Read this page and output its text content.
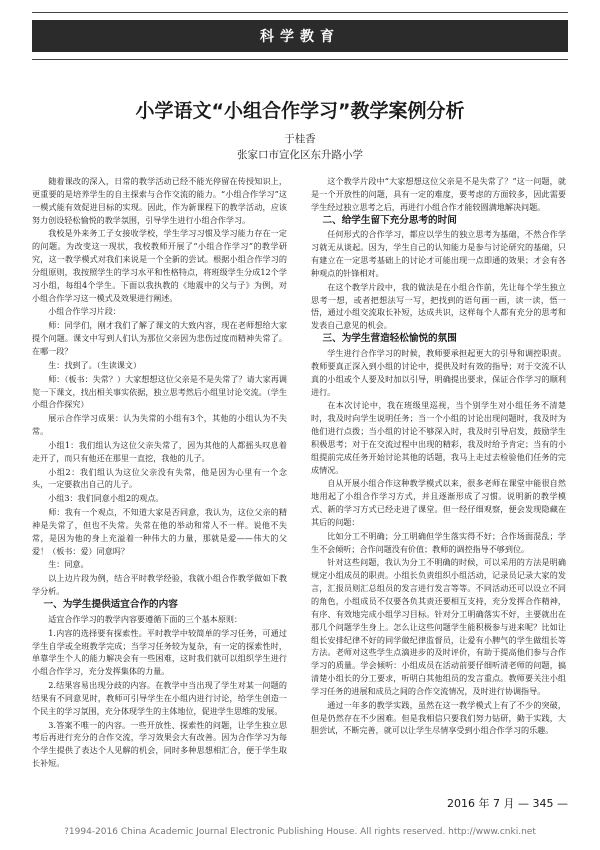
科学教育
小学语文“小组合作学习”教学案例分析
于桂香
张家口市宣化区东升路小学

随着课改的深入，日常的教学活动已经不能光停留在传授知识上，更重要的是培养学生的自主探索与合作交流的能力。“小组合作学习”这一模式能有效促进目标的实现。因此，作为新课程下的教学活动，应该努力创设轻松愉悦的教学氛围，引导学生进行小组合作学习。

我校是外来务工子女接收学校，学生学习习惯及学习能力存在一定的问题。为改变这一现状，我校教师开展了“小组合作学习”的教学研究，这一教学模式对我们来说是一个全新的尝试。根据小组合作学习的分组原则，我按照学生的学习水平和性格特点，将班级学生分成12个学习小组，每组4个学生。下面以我执教的《地震中的父与子》为例，对小组合作学习这一模式及效果进行阐述。

小组合作学习片段：

师：同学们，刚才我们了解了课文的大致内容，现在老师想给大家提个问题。课文中写到人们认为那位父亲因为悲伤过度而精神失常了。在哪一段？

生：找到了。（生读课文）

师：（板书：失常？）大家想想这位父亲是不是失常了？请大家再调览一下课文，找出相关事实依据，独立思考然后小组里讨论交流。（学生小组合作探究）

展示合作学习成果：认为失常的小组有3个，其他的小组认为不失常。

小组1：我们组认为这位父亲失常了，因为其他的人都摇头叹息着走开了，而只有他还在那里一直挖，我他的儿子。

小组2：我们组认为这位父亲没有失常，他是因为心里有一个念头，一定要救出自己的儿子。

小组3：我们同意小组2的观点。

师：我有一个观点，不知道大家是否同意，我认为，这位父亲的精神是失常了，但也不失常。失常在他的举动和常人不一样。说他不失常，是因为他的身上充溢着一种伟大的力量，那就是爱——伟大的父爱！（板书：爱）同意吗？

生：同意。

以上边片段为例，结合平时教学经验，我就小组合作教学做如下教学分析。

一、为学生提供适宜合作的内容

适宜合作学习的教学内容要遵循下面的三个基本原则：

1.内容的选择要有探索性。平时教学中较简单的学习任务，可通过学生自学或全班教学完成；当学习任务较为复杂，有一定的探索性时，单靠学生个人的能力解决会有一些困难，这时我们就可以组织学生进行小组合作学习，充分发挥集体的力量。

2.结果容易出现分歧的内容。在教学中当出现了学生对某一问题的结果有不同意见时，教师可引导学生在小组内进行讨论，给学生创造一个民主的学习氛围，充分体现学生的主体地位，促进学生思维的发展。

3.答案不唯一的内容。一些开放性、探索性的问题，让学生独立思考后再进行充分的合作交流，学习效果会大有改善。因为合作学习为每个学生提供了表达个人见解的机会，同时多种思想相汇合，便于学生取长补短。

这个教学片段中“大家想想这位父亲是不是失常了？”这一问题，就是一个开放性的问题，具有一定的难度，要考虑的方面较多，因此需要学生经过独立思考之后，再进行小组合作才能较圆满地解决问题。

二、给学生留下充分思考的时间

任何形式的合作学习，都应以学生的独立思考为基础，不然合作学习就无从谈起。因为，学生自己的认知能力是参与讨论研究的基础，只有建立在一定思考基础上的讨论才可能出现一点即通的效果；才会有各种观点的针锋相对。

在这个教学片段中，我的做法是在小组合作前，先让每个学生独立思考一想，或者把想法写一写，把找到的语句画一画，读一读，悟一悟，通过小组交流取长补短，达成共识，这样每个人都有充分的思考和发表自己意见的机会。

三、为学生营造轻松愉悦的氛围

学生进行合作学习的时候，教师要承担起更大的引导和调控职责。教师要真正深入到小组的讨论中，提供及时有效的指导；对于交流不认真的小组或个人要及时加以引导，明确提出要求，保证合作学习的顺利进行。

在本次讨论中，我在班级里巡视，当个别学生对小组任务不清楚时，我及时向学生说明任务；当一个小组的讨论出现问题时，我及时为他们进行点拨；当小组的讨论不够深入时，我及时引导启发，鼓励学生积极思考；对于在交流过程中出现的精彩，我及时给予肯定；当有的小组提前完成任务开始讨论其他的话题，我马上走过去检验他们任务的完成情况。

自从开展小组合作这种教学模式以来，很多老师在课堂中能很自然地用起了小组合作学习方式，并且逐渐形成了习惯。说明新的教学模式、新的学习方式已经走进了课堂。但一经仔细观察，便会发现隐藏在其后的问题：

比如分工不明确；分工明确但学生落实得不好；合作场面混乱；学生不会倾听；合作问题没有价值；教师的调控指导不够到位。

针对这些问题，我认为分工不明确的时候，可以采用的方法是明确规定小组成员的职责。小组长负责组织小组活动，记录员记录大家的发言，汇报员则汇总组员的发言进行发言等等。不同活动还可以设立不同的角色，小组成员不仅要各负其责还要相互支持，充分发挥合作精神，有序、有效地完成小组学习目标。针对分工明确落实不好，主要就出在那几个问题学生身上。怎么让这些问题学生能积极参与进来呢？比如让组长安排纪律不好的同学做纪律监督员，让爱有小脾气的学生做组长等方法。老师对这些学生点滴进步的及时评价，有助于提高他们参与合作学习的质量。学会倾听：小组成员在活动前要仔细听清老师的问题，搞清楚小组长的分工要求，听明白其他组员的发言重点。教师要关注小组学习任务的进展和成员之间的合作交流情况，及时进行协调指导。

通过一年多的教学实践，虽然在这一教学模式上有了不少的突破，但是仍然存在不少困难。但是我相信只要我们努力钻研，勤于实践，大胆尝试，不断完善，就可以让学生尽情享受到小组合作学习的乐趣。

2016 年 7 月 — 345 —
?1994-2016 China Academic Journal Electronic Publishing House. All rights reserved. http://www.cnki.net
